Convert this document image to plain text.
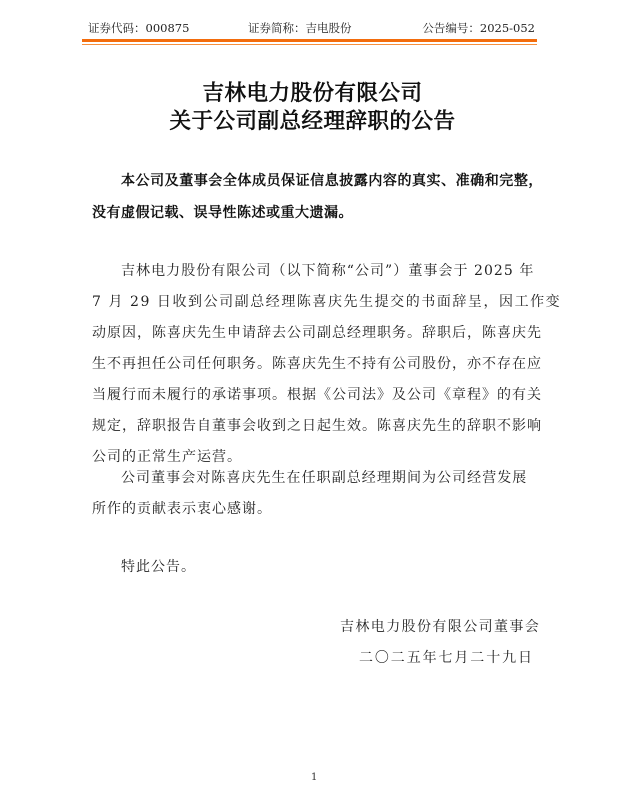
证券代码：000875	证券简称：吉电股份	公告编号：2025-052
吉林电力股份有限公司
关于公司副总经理辞职的公告
本公司及董事会全体成员保证信息披露内容的真实、准确和完整，
没有虚假记载、误导性陈述或重大遗漏。
吉林电力股份有限公司（以下简称“公司”）董事会于 2025 年
7 月 29 日收到公司副总经理陈喜庆先生提交的书面辞呈，因工作变
动原因，陈喜庆先生申请辞去公司副总经理职务。辞职后，陈喜庆先
生不再担任公司任何职务。陈喜庆先生不持有公司股份，亦不存在应
当履行而未履行的承诺事项。根据《公司法》及公司《章程》的有关
规定，辞职报告自董事会收到之日起生效。陈喜庆先生的辞职不影响
公司的正常生产运营。
公司董事会对陈喜庆先生在任职副总经理期间为公司经营发展
所作的贡献表示衷心感谢。
特此公告。
吉林电力股份有限公司董事会
二〇二五年七月二十九日
1
